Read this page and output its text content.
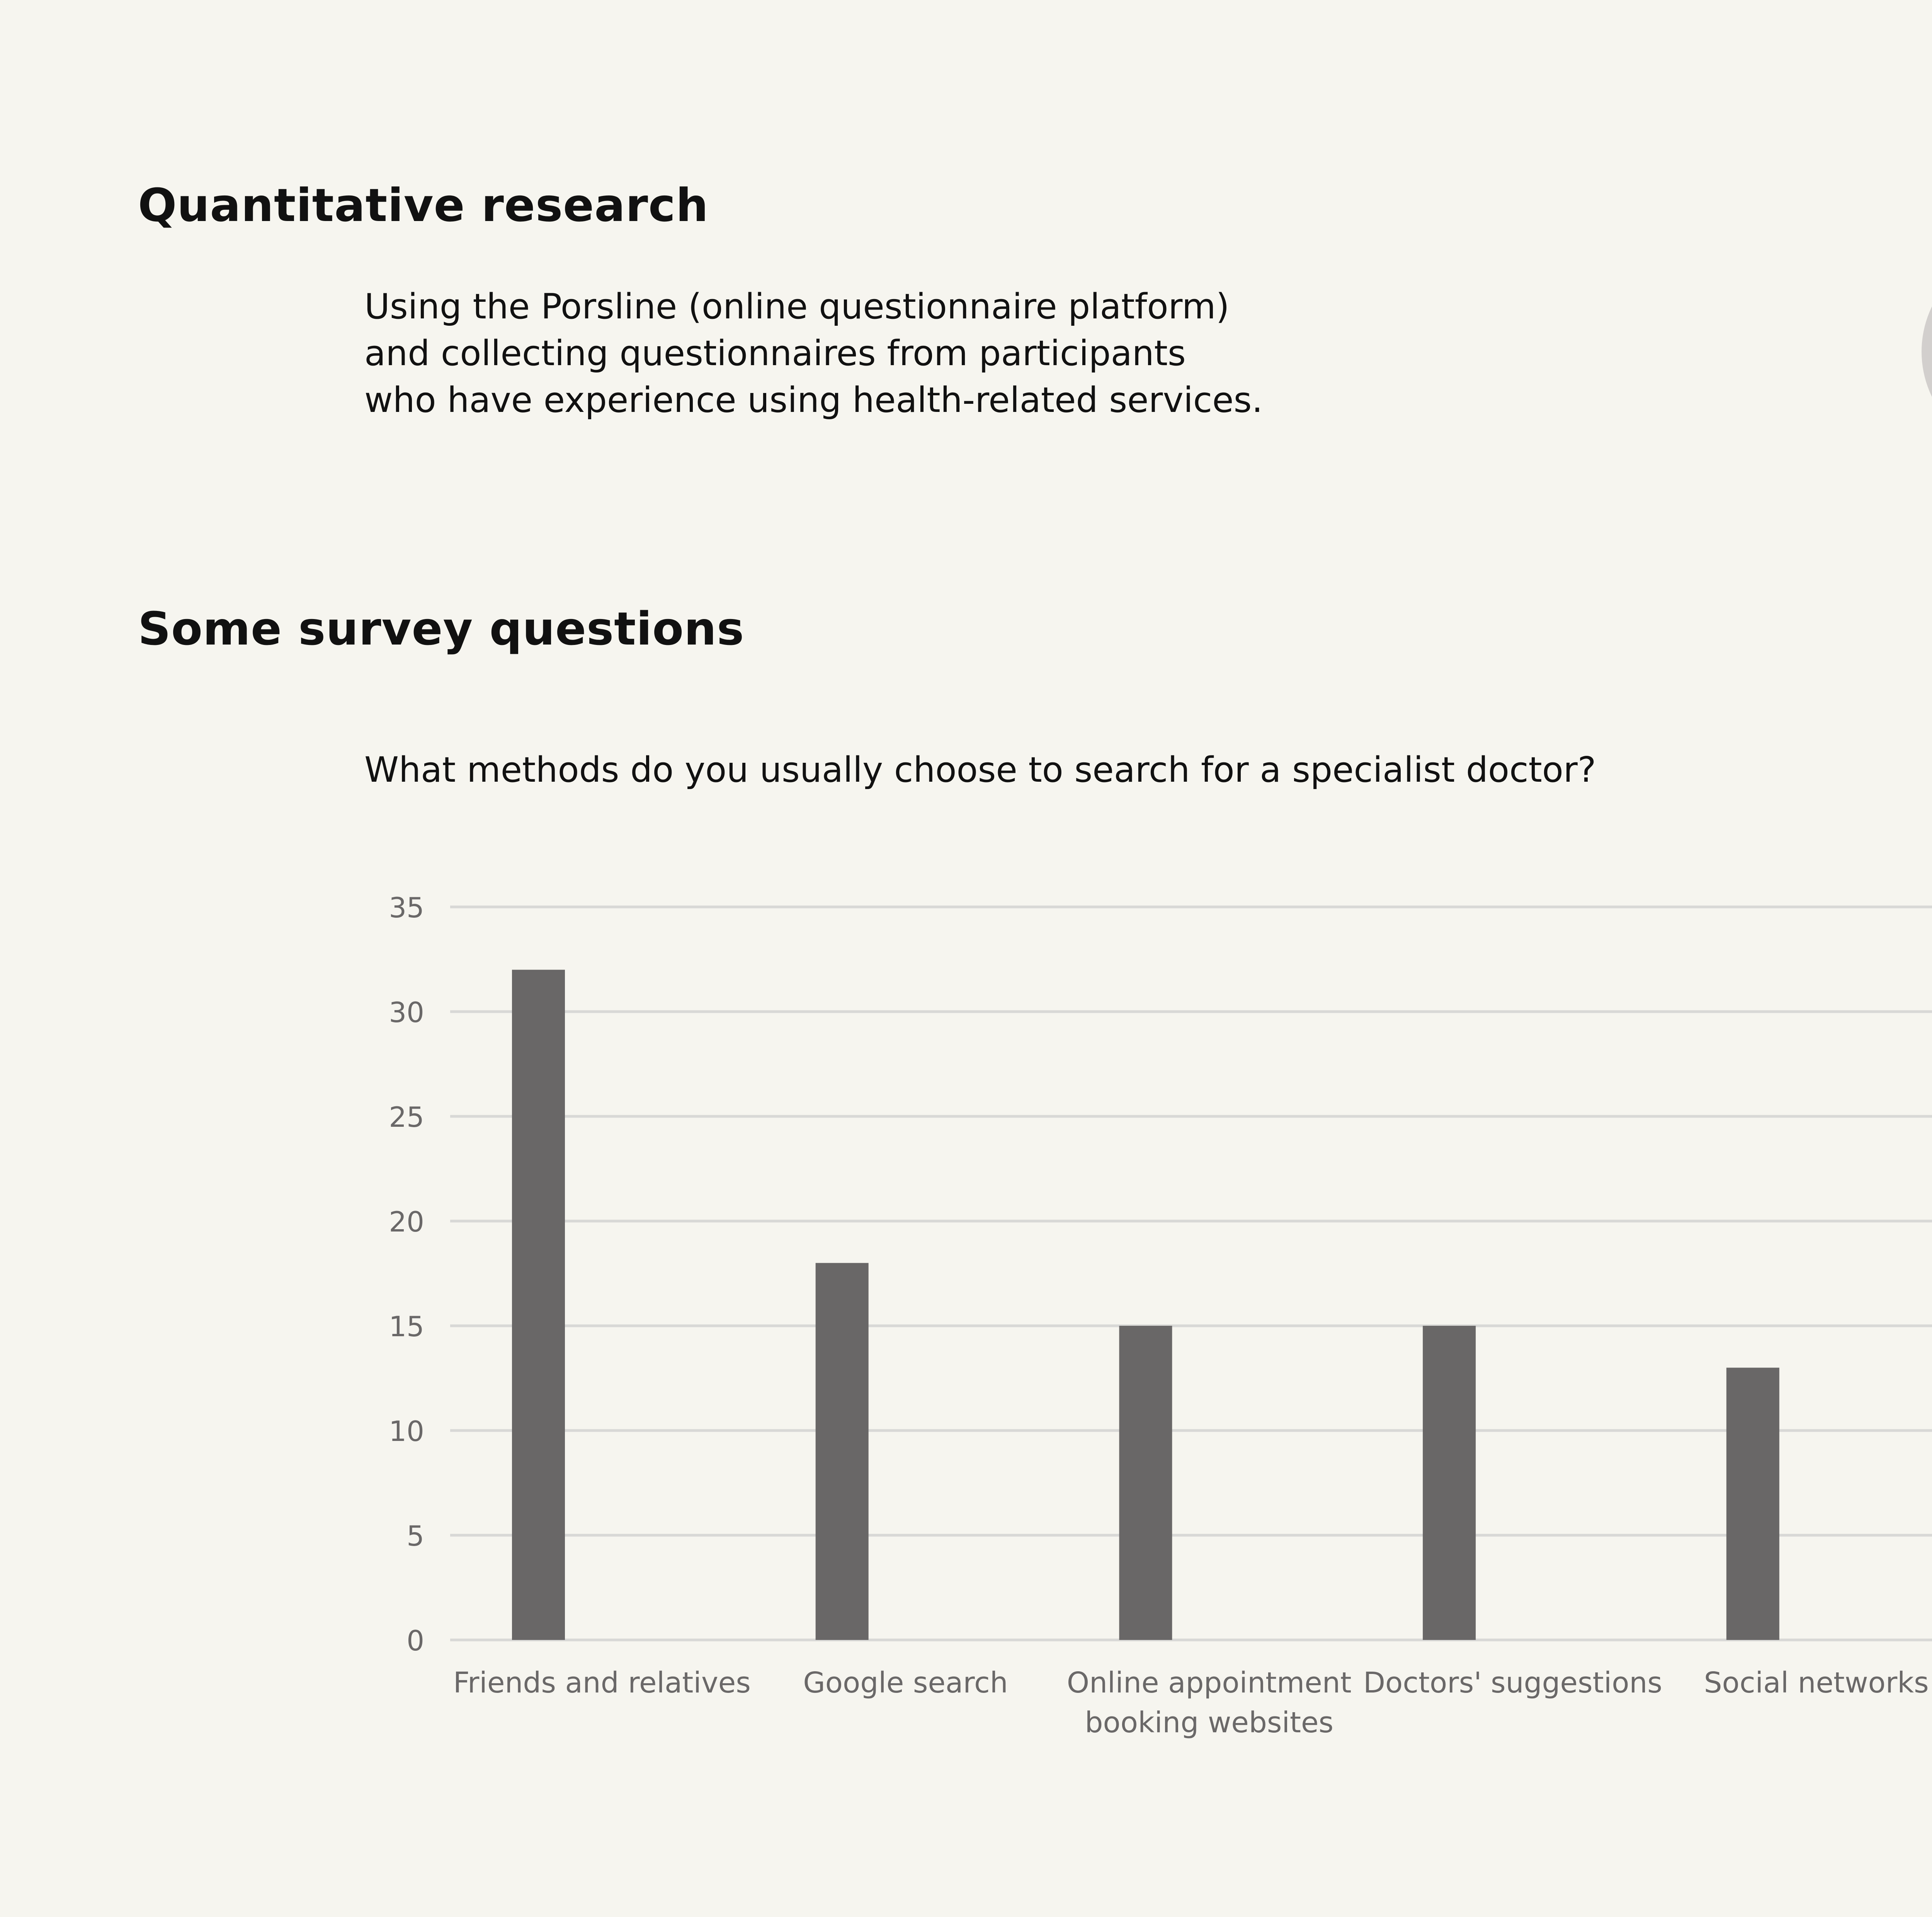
Quantitative research
Using the Porsline (online questionnaire platform)
and collecting questionnaires from participants
who have experience using health-related services.
Some survey questions
What methods do you usually choose to search for a specialist doctor?
0
5
10
15
20
25
30
35
Friends and relatives Google search Online appointment
booking websites
Doctors' suggestions Social networks
